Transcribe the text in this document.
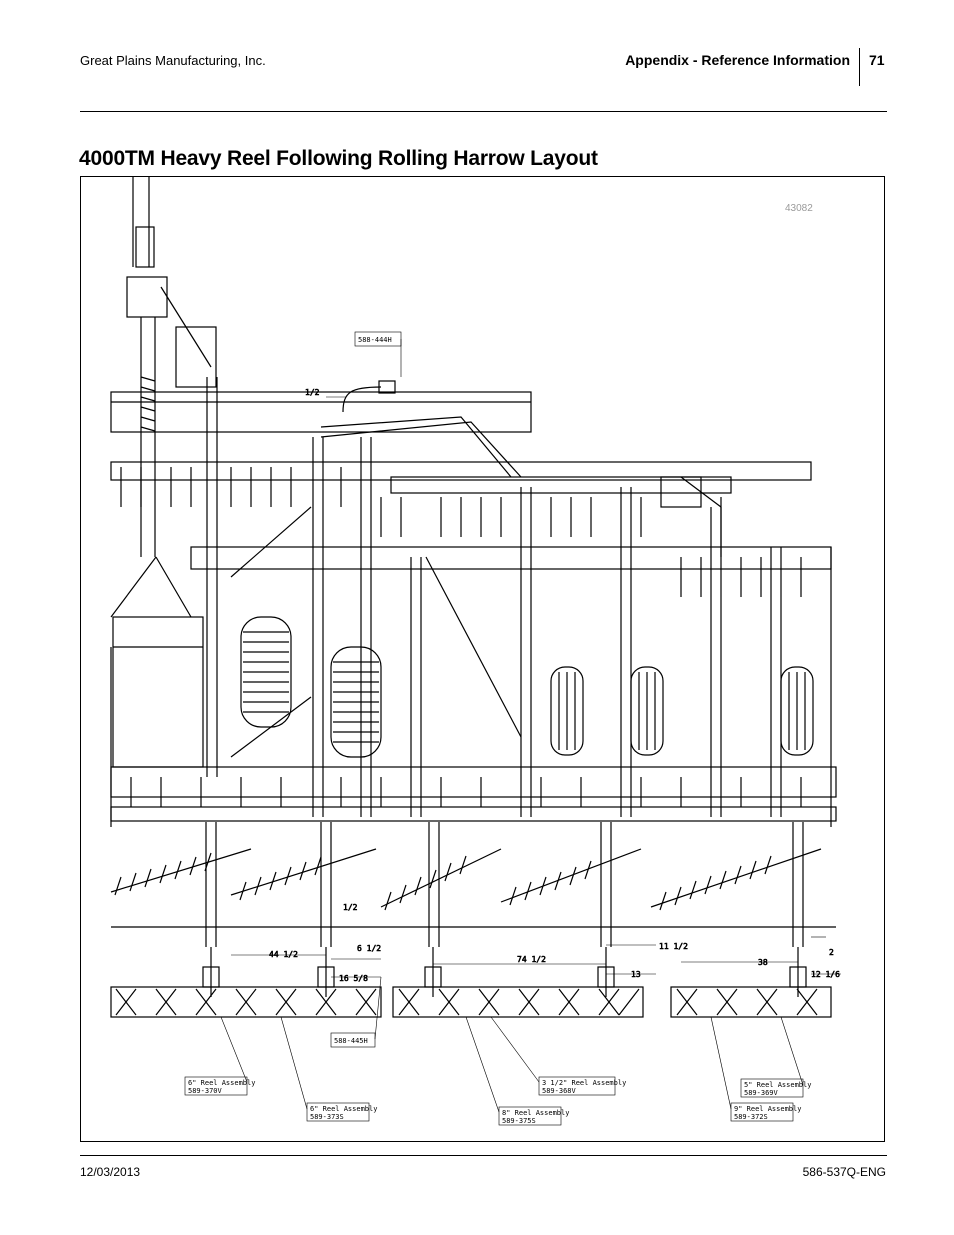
Great Plains Manufacturing, Inc.	Appendix - Reference Information 71
4000TM Heavy Reel Following Rolling Harrow Layout
1/2
1/2
44 1/2
6 1/2
16 5/8
74 1/2
11 1/2
13
38
2
12 1/6
588-444H
588-445H
6" Reel Assembly
589-370V
6" Reel Assembly
589-373S
3 1/2" Reel Assembly
589-368V
8" Reel Assembly
589-375S
5" Reel Assembly
589-369V
9" Reel Assembly
589-372S
43082
12/03/2013	586-537Q-ENG
